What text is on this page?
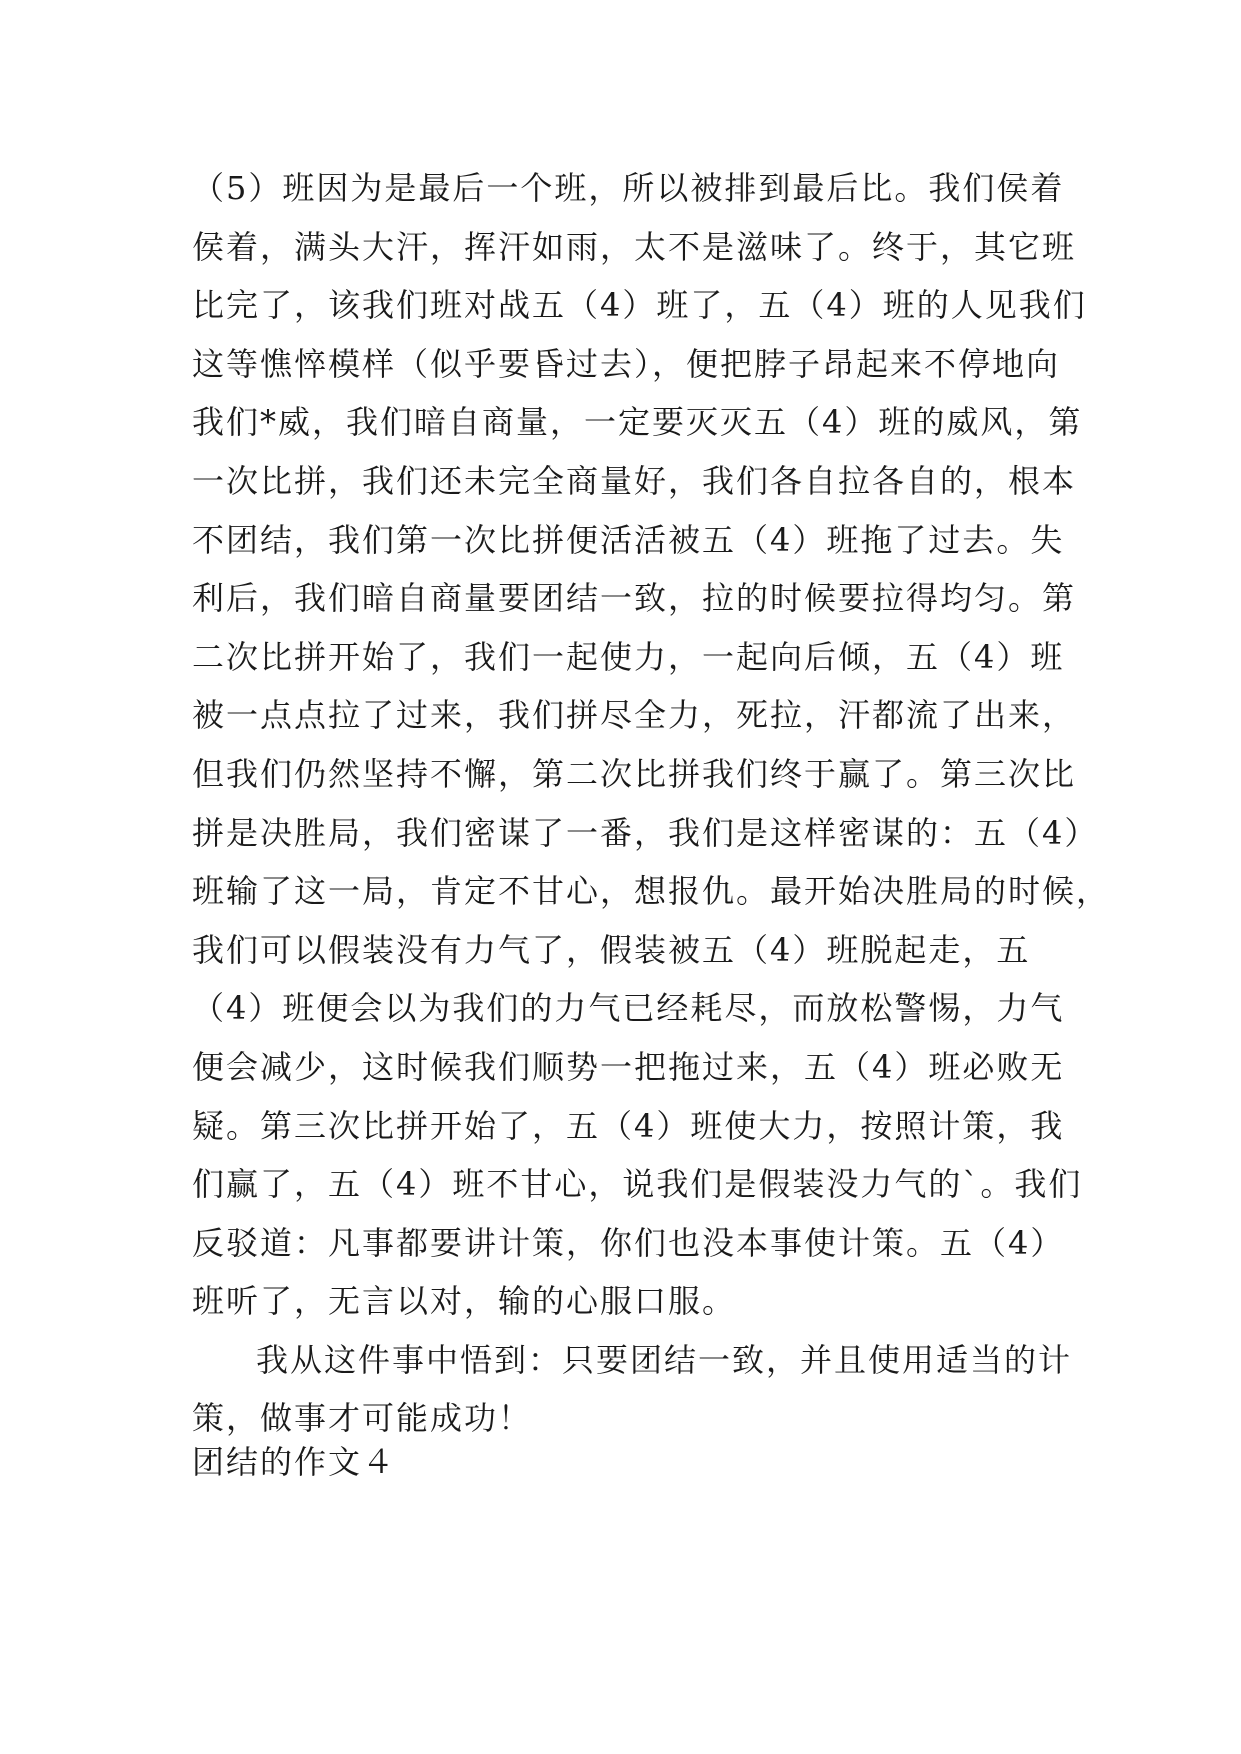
（5）班因为是最后一个班，所以被排到最后比。我们侯着
侯着，满头大汗，挥汗如雨，太不是滋味了。终于，其它班
比完了，该我们班对战五（4）班了，五（4）班的人见我们
这等憔悴模样（似乎要昏过去），便把脖子昂起来不停地向
我们*威，我们暗自商量，一定要灭灭五（4）班的威风，第
一次比拼，我们还未完全商量好，我们各自拉各自的，根本
不团结，我们第一次比拼便活活被五（4）班拖了过去。失
利后，我们暗自商量要团结一致，拉的时候要拉得均匀。第
二次比拼开始了，我们一起使力，一起向后倾，五（4）班
被一点点拉了过来，我们拼尽全力，死拉，汗都流了出来，
但我们仍然坚持不懈，第二次比拼我们终于赢了。第三次比
拼是决胜局，我们密谋了一番，我们是这样密谋的：五（4）
班输了这一局，肯定不甘心，想报仇。最开始决胜局的时候，
我们可以假装没有力气了，假装被五（4）班脱起走，五
（4）班便会以为我们的力气已经耗尽，而放松警惕，力气
便会减少，这时候我们顺势一把拖过来，五（4）班必败无
疑。第三次比拼开始了，五（4）班使大力，按照计策，我
们赢了，五（4）班不甘心，说我们是假装没力气的`。我们
反驳道：凡事都要讲计策，你们也没本事使计策。五（4）
班听了，无言以对，输的心服口服。
我从这件事中悟到：只要团结一致，并且使用适当的计
策，做事才可能成功！
团结的作文４
